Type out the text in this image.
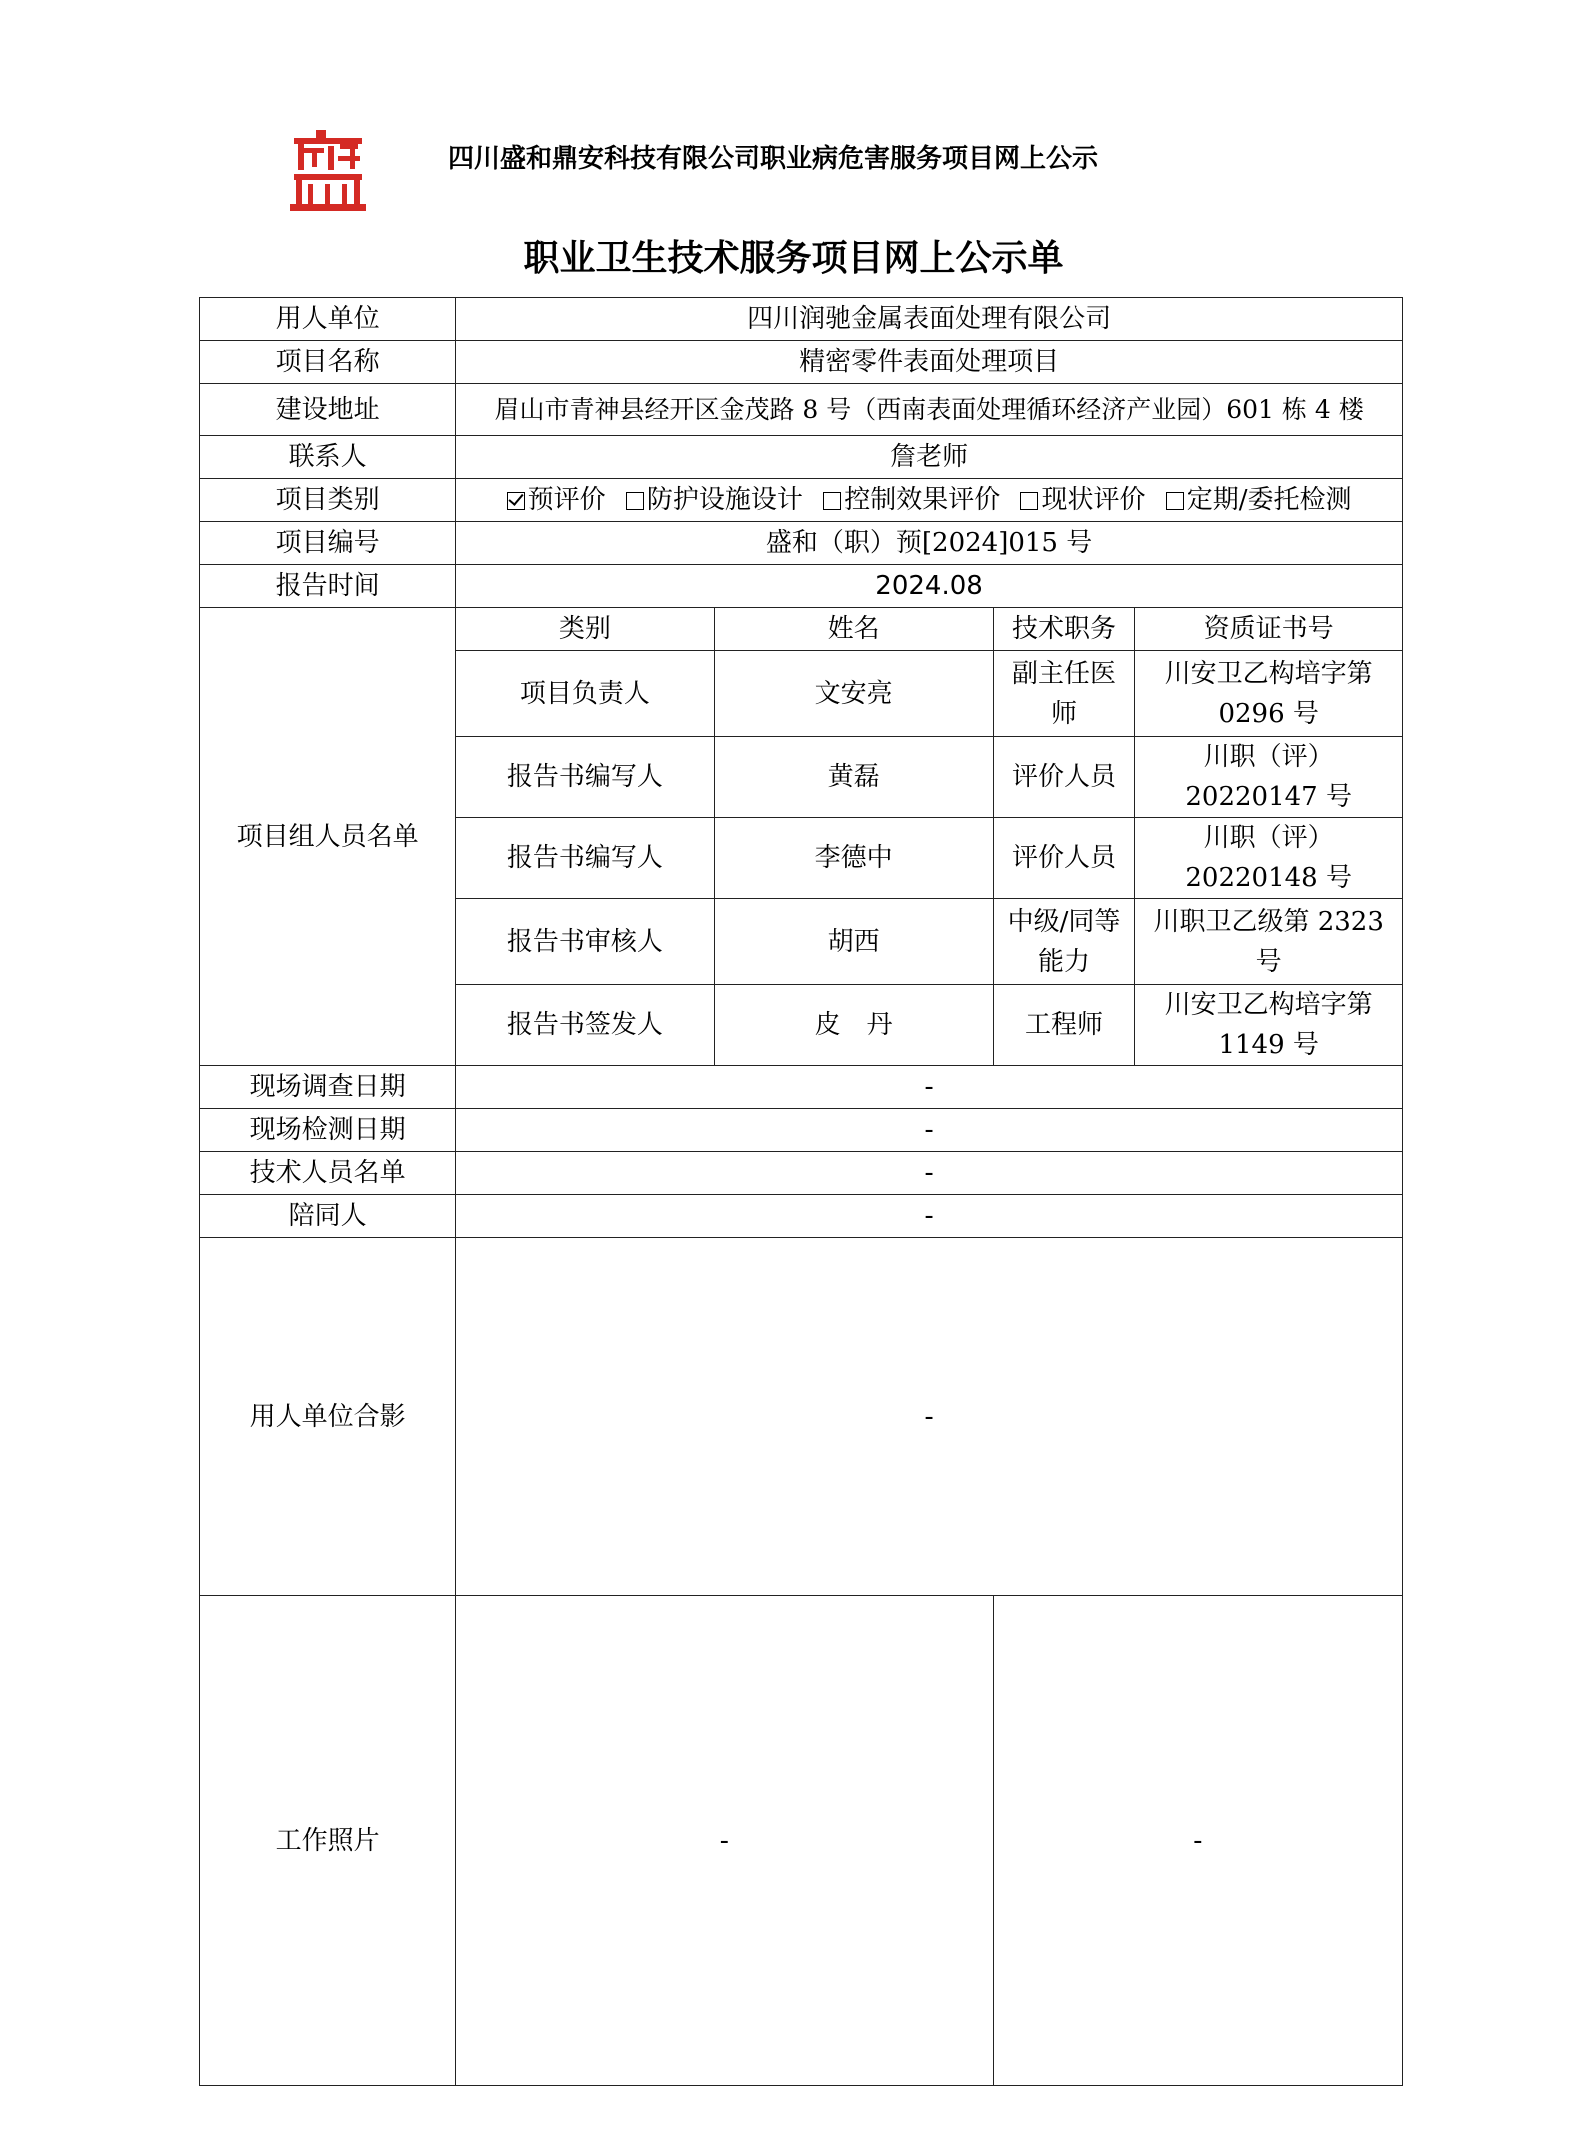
四川盛和鼎安科技有限公司职业病危害服务项目网上公示
职业卫生技术服务项目网上公示单
用人单位	四川润驰金属表面处理有限公司			
项目名称	精密零件表面处理项目			
建设地址	眉山市青神县经开区金茂路 8 号（西南表面处理循环经济产业园）601 栋 4 楼			
联系人	詹老师			
项目类别	预评价 防护设施设计 控制效果评价 现状评价 定期/委托检测			
项目编号	盛和（职）预[2024]015 号			
报告时间	2024.08			
项目组人员名单	类别	姓名	技术职务	资质证书号
	项目负责人	文安亮	副主任医师	川安卫乙构培字第 0296 号
	报告书编写人	黄磊	评价人员	川职（评）20220147 号
	报告书编写人	李德中	评价人员	川职（评）20220148 号
	报告书审核人	胡西	中级/同等能力	川职卫乙级第 2323 号
	报告书签发人	皮　丹	工程师	川安卫乙构培字第 1149 号
现场调查日期	-			
现场检测日期	-			
技术人员名单	-			
陪同人	-			
用人单位合影	-			
工作照片	-		-	
